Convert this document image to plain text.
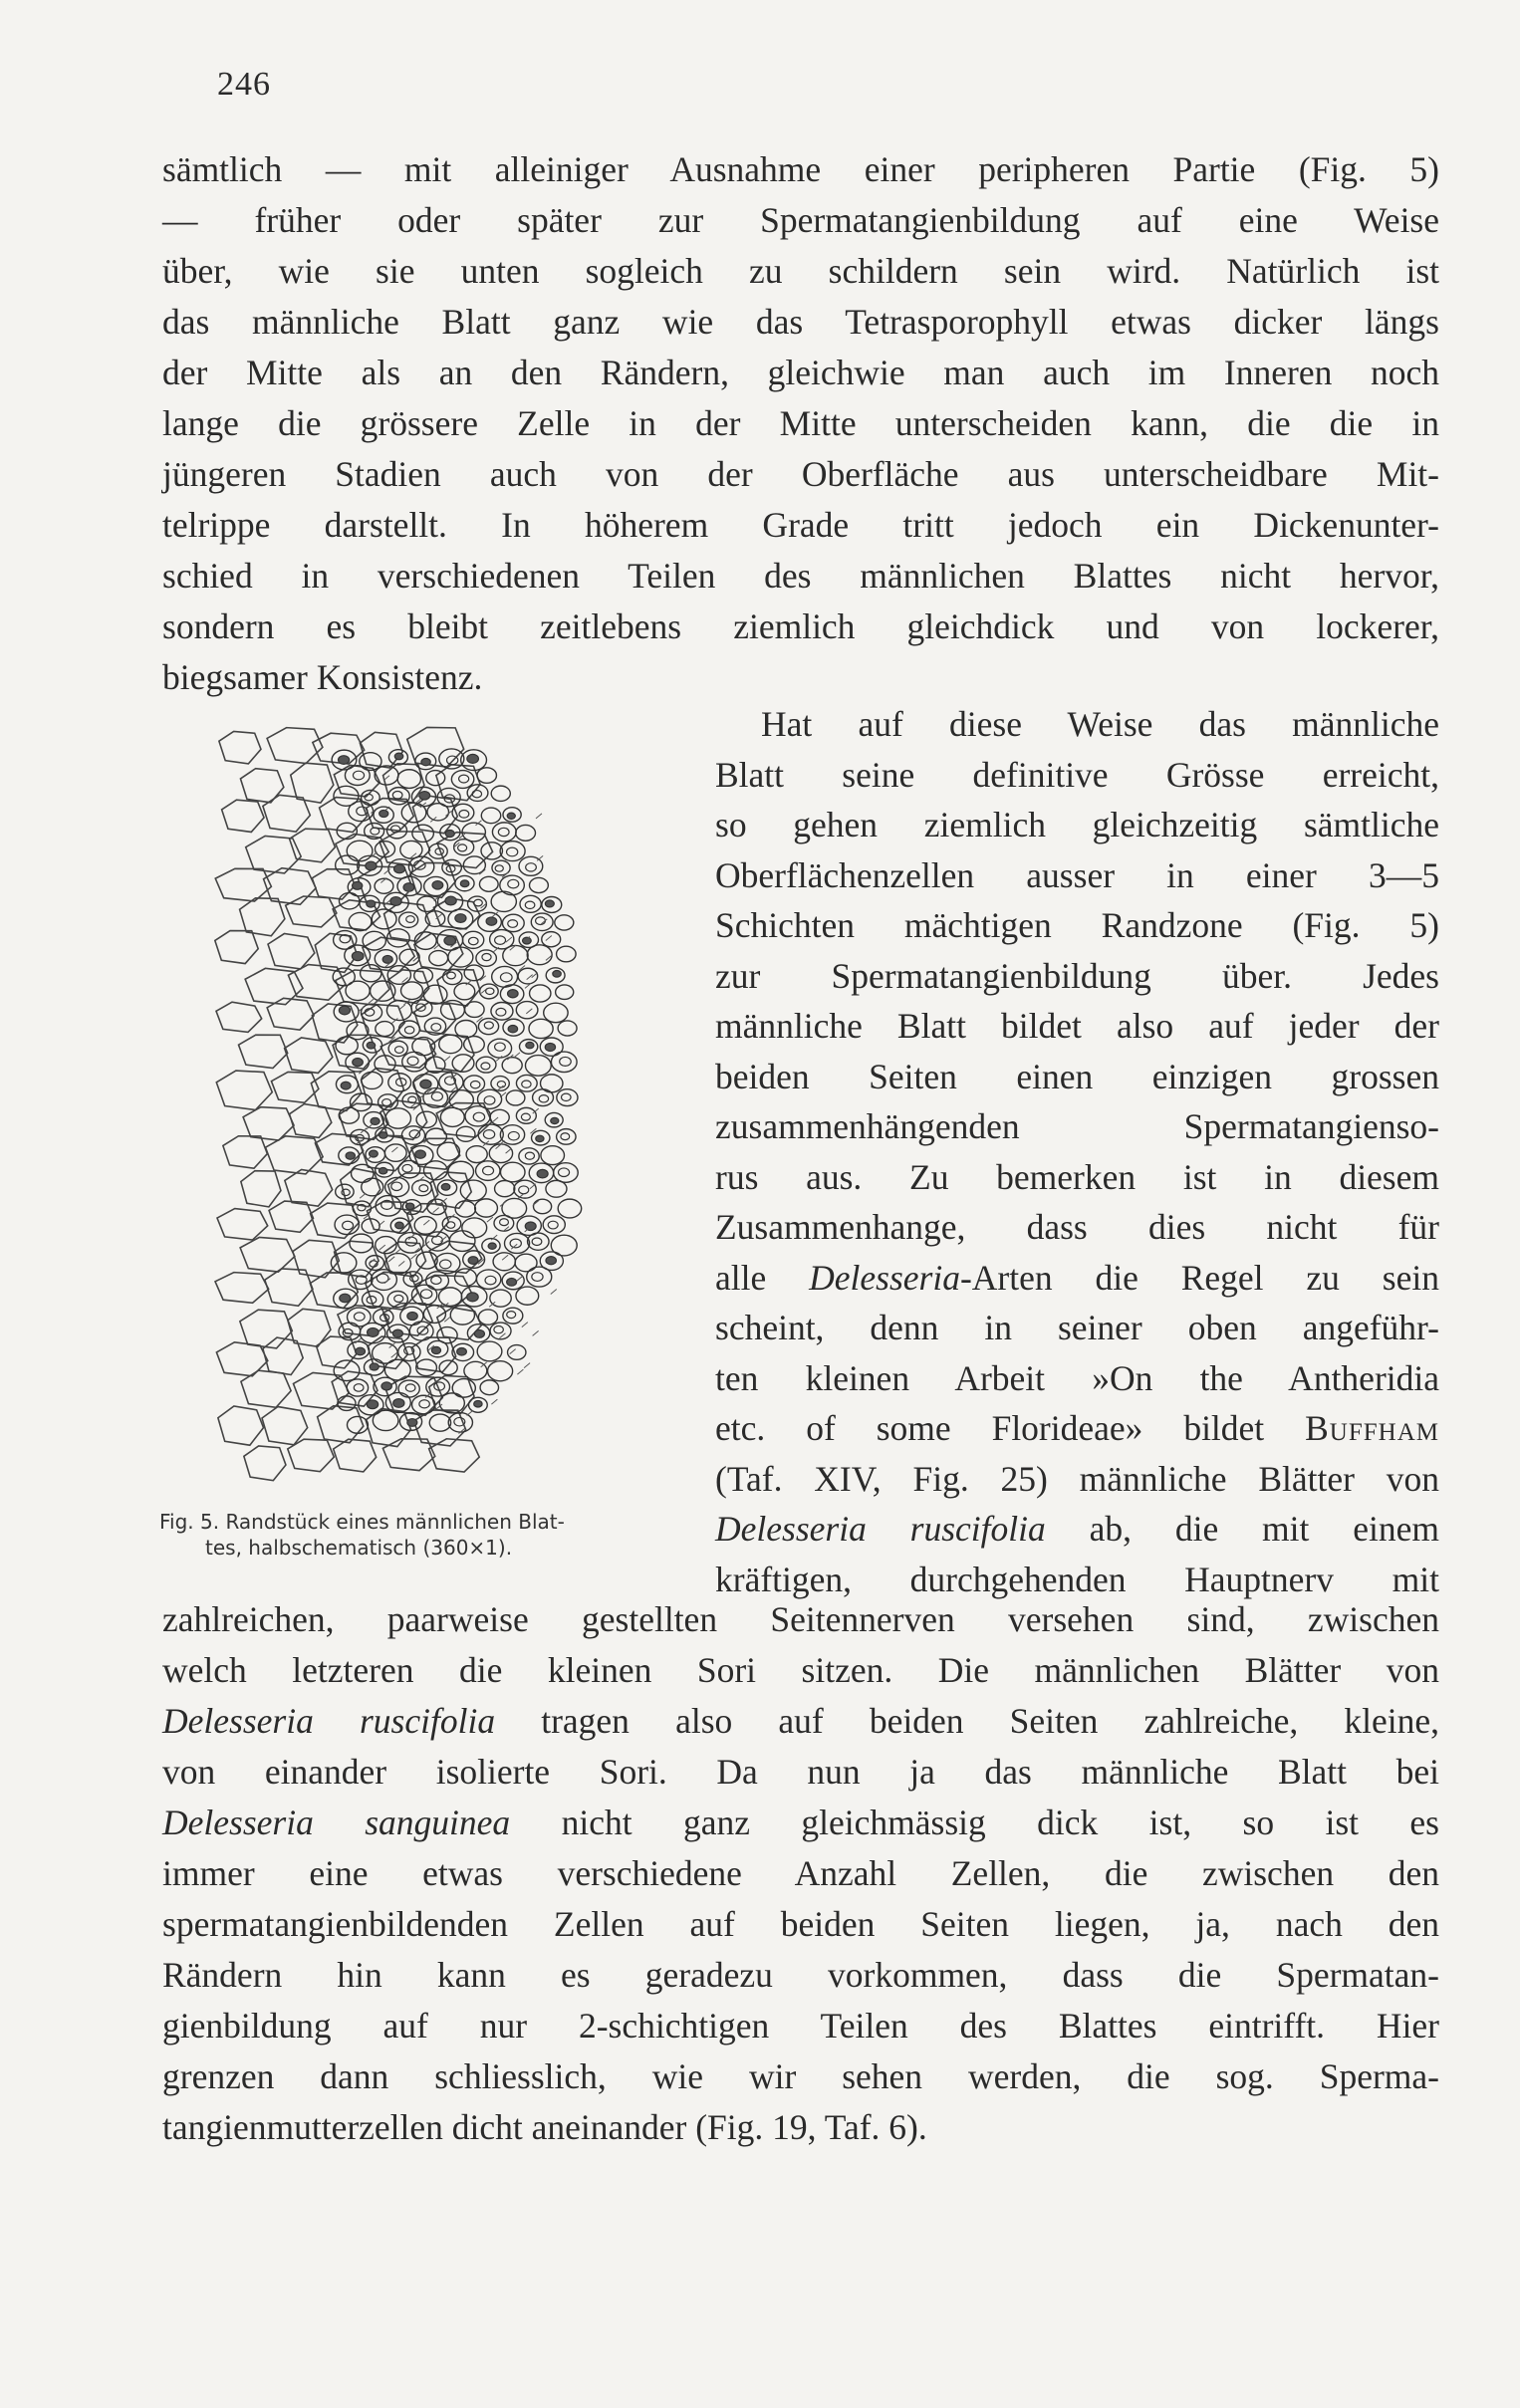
246
sämtlich — mit alleiniger Ausnahme einer peripheren Partie (Fig. 5)
— früher oder später zur Spermatangienbildung auf eine Weise
über, wie sie unten sogleich zu schildern sein wird. Natürlich ist
das männliche Blatt ganz wie das Tetrasporophyll etwas dicker längs
der Mitte als an den Rändern, gleichwie man auch im Inneren noch
lange die grössere Zelle in der Mitte unterscheiden kann, die die in
jüngeren Stadien auch von der Oberfläche aus unterscheidbare Mit-
telrippe darstellt. In höherem Grade tritt jedoch ein Dickenunter-
schied in verschiedenen Teilen des männlichen Blattes nicht hervor,
sondern es bleibt zeitlebens ziemlich gleichdick und von lockerer,
biegsamer Konsistenz.
Fig. 5. Randstück eines männlichen Blat-
tes, halbschematisch (360×1).
Hat auf diese Weise das männliche
Blatt seine definitive Grösse erreicht,
so gehen ziemlich gleichzeitig sämtliche
Oberflächenzellen ausser in einer 3—5
Schichten mächtigen Randzone (Fig. 5)
zur Spermatangienbildung über. Jedes
männliche Blatt bildet also auf jeder der
beiden Seiten einen einzigen grossen
zusammenhängenden Spermatangienso-
rus aus. Zu bemerken ist in diesem
Zusammenhange, dass dies nicht für
alle Delesseria-Arten die Regel zu sein
scheint, denn in seiner oben angeführ-
ten kleinen Arbeit »On the Antheridia
etc. of some Florideae» bildet Buffham
(Taf. XIV, Fig. 25) männliche Blätter von
Delesseria ruscifolia ab, die mit einem
kräftigen, durchgehenden Hauptnerv mit
zahlreichen, paarweise gestellten Seitennerven versehen sind, zwischen
welch letzteren die kleinen Sori sitzen. Die männlichen Blätter von
Delesseria ruscifolia tragen also auf beiden Seiten zahlreiche, kleine,
von einander isolierte Sori. Da nun ja das männliche Blatt bei
Delesseria sanguinea nicht ganz gleichmässig dick ist, so ist es
immer eine etwas verschiedene Anzahl Zellen, die zwischen den
spermatangienbildenden Zellen auf beiden Seiten liegen, ja, nach den
Rändern hin kann es geradezu vorkommen, dass die Spermatan-
gienbildung auf nur 2-schichtigen Teilen des Blattes eintrifft. Hier
grenzen dann schliesslich, wie wir sehen werden, die sog. Sperma-
tangienmutterzellen dicht aneinander (Fig. 19, Taf. 6).
